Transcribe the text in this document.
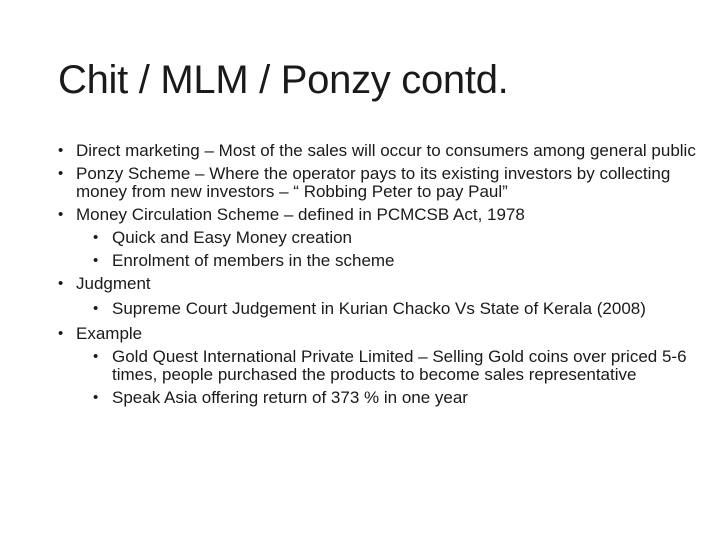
Chit / MLM / Ponzy contd.
• Direct marketing – Most of the sales will occur to consumers among general public
• Ponzy Scheme – Where the operator pays to its existing investors by collecting money from new investors – “ Robbing Peter to pay Paul”
• Money Circulation Scheme – defined in PCMCSB Act, 1978
• Quick and Easy Money creation
• Enrolment of members in the scheme
• Judgment
• Supreme Court Judgement in Kurian Chacko Vs State of Kerala (2008)
• Example
• Gold Quest International Private Limited – Selling Gold coins over priced 5-6 times, people purchased the products to become sales representative
• Speak Asia offering return of 373 % in one year
